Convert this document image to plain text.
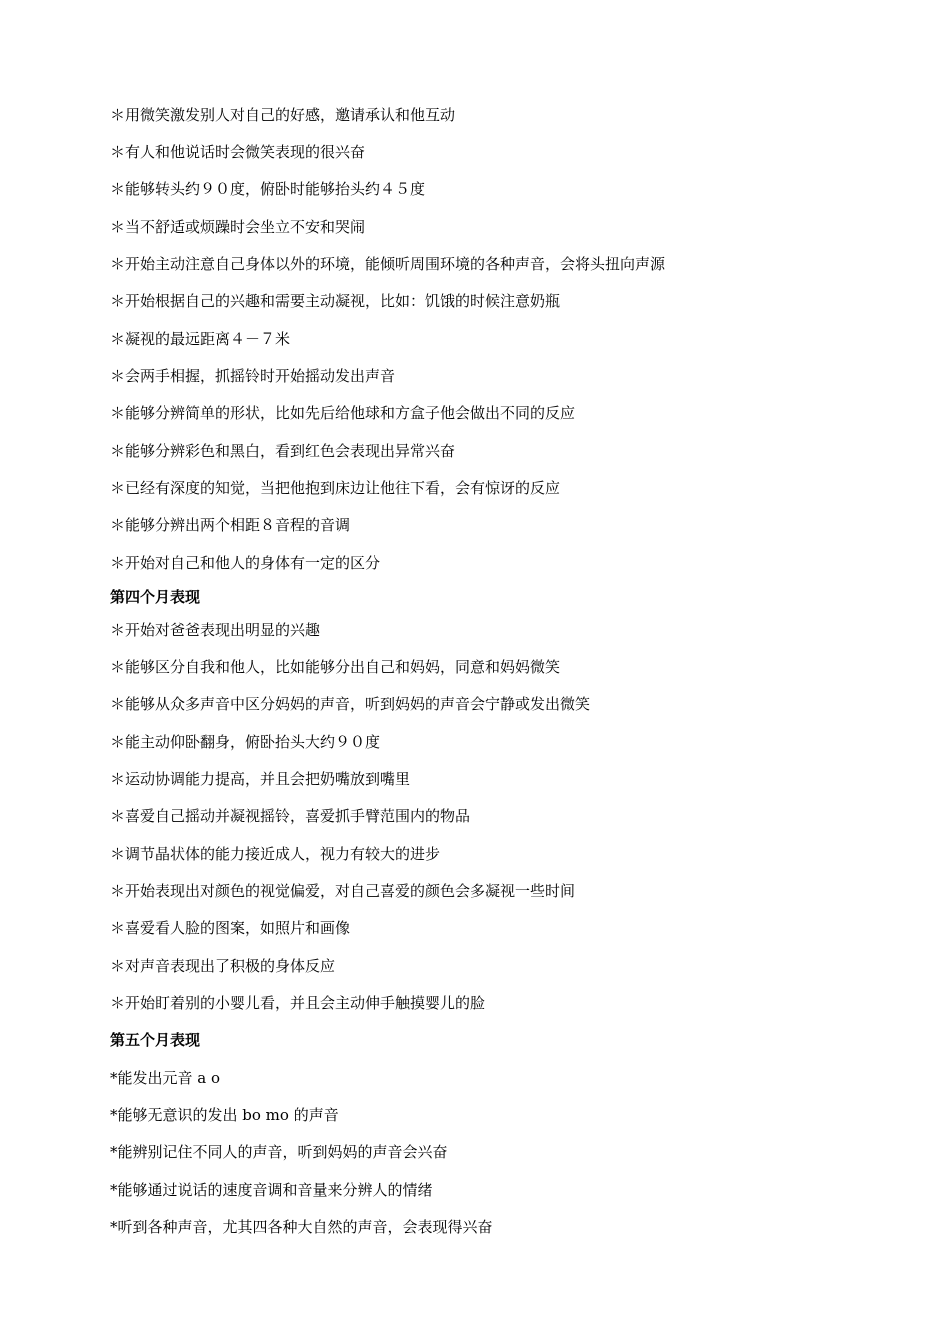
＊用微笑激发别人对自己的好感，邀请承认和他互动
＊有人和他说话时会微笑表现的很兴奋
＊能够转头约９０度，俯卧时能够抬头约４５度
＊当不舒适或烦躁时会坐立不安和哭闹
＊开始主动注意自己身体以外的环境，能倾听周围环境的各种声音，会将头扭向声源
＊开始根据自己的兴趣和需要主动凝视，比如：饥饿的时候注意奶瓶
＊凝视的最远距离４－７米
＊会两手相握，抓摇铃时开始摇动发出声音
＊能够分辨简单的形状，比如先后给他球和方盒子他会做出不同的反应
＊能够分辨彩色和黑白，看到红色会表现出异常兴奋
＊已经有深度的知觉，当把他抱到床边让他往下看，会有惊讶的反应
＊能够分辨出两个相距８音程的音调
＊开始对自己和他人的身体有一定的区分
第四个月表现
＊开始对爸爸表现出明显的兴趣
＊能够区分自我和他人，比如能够分出自己和妈妈，同意和妈妈微笑
＊能够从众多声音中区分妈妈的声音，听到妈妈的声音会宁静或发出微笑
＊能主动仰卧翻身，俯卧抬头大约９０度
＊运动协调能力提高，并且会把奶嘴放到嘴里
＊喜爱自己摇动并凝视摇铃，喜爱抓手臂范围内的物品
＊调节晶状体的能力接近成人，视力有较大的进步
＊开始表现出对颜色的视觉偏爱，对自己喜爱的颜色会多凝视一些时间
＊喜爱看人脸的图案，如照片和画像
＊对声音表现出了积极的身体反应
＊开始盯着别的小婴儿看，并且会主动伸手触摸婴儿的脸
第五个月表现
*能发出元音 a o
*能够无意识的发出 bo mo 的声音
*能辨别记住不同人的声音，听到妈妈的声音会兴奋
*能够通过说话的速度音调和音量来分辨人的情绪
*听到各种声音，尤其四各种大自然的声音，会表现得兴奋
